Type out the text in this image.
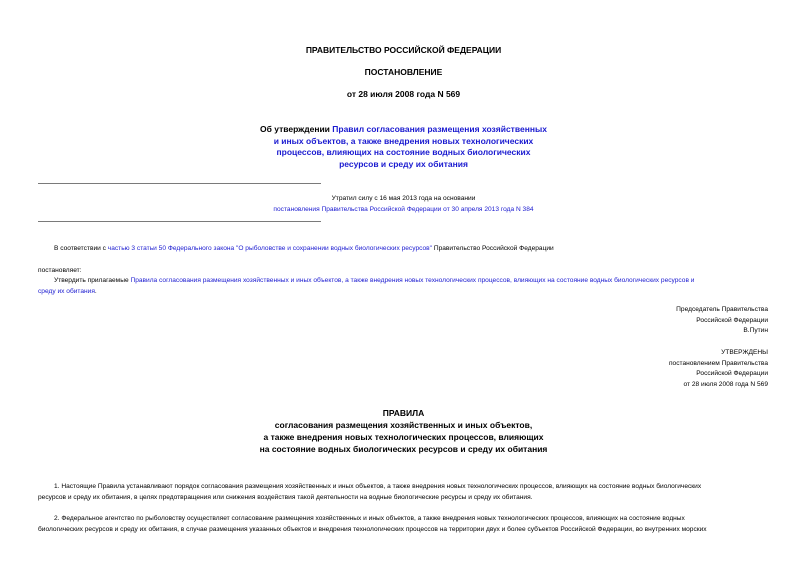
ПРАВИТЕЛЬСТВО РОССИЙСКОЙ ФЕДЕРАЦИИ
ПОСТАНОВЛЕНИЕ
от 28 июля 2008 года N 569
Об утверждении Правил согласования размещения хозяйственных
и иных объектов, а также внедрения новых технологических
процессов, влияющих на состояние водных биологических
ресурсов и среду их обитания
Утратил силу с 16 мая 2013 года на основании
постановления Правительства Российской Федерации от 30 апреля 2013 года N 384
В соответствии с частью 3 статьи 50 Федерального закона "О рыболовстве и сохранении водных биологических ресурсов" Правительство Российской Федерации
постановляет:
Утвердить прилагаемые Правила согласования размещения хозяйственных и иных объектов, а также внедрения новых технологических процессов, влияющих на состояние водных биологических ресурсов и
среду их обитания.
Председатель Правительства
Российской Федерации
В.Путин
УТВЕРЖДЕНЫ
постановлением Правительства
Российской Федерации
от 28 июля 2008 года N 569
ПРАВИЛА
согласования размещения хозяйственных и иных объектов,
а также внедрения новых технологических процессов, влияющих
на состояние водных биологических ресурсов и среду их обитания
1. Настоящие Правила устанавливают порядок согласования размещения хозяйственных и иных объектов, а также внедрения новых технологических процессов, влияющих на состояние водных биологических
ресурсов и среду их обитания, в целях предотвращения или снижения воздействия такой деятельности на водные биологические ресурсы и среду их обитания.
2. Федеральное агентство по рыболовству осуществляет согласование размещения хозяйственных и иных объектов, а также внедрения новых технологических процессов, влияющих на состояние водных
биологических ресурсов и среду их обитания, в случае размещения указанных объектов и внедрения технологических процессов на территории двух и более субъектов Российской Федерации, во внутренних морских
